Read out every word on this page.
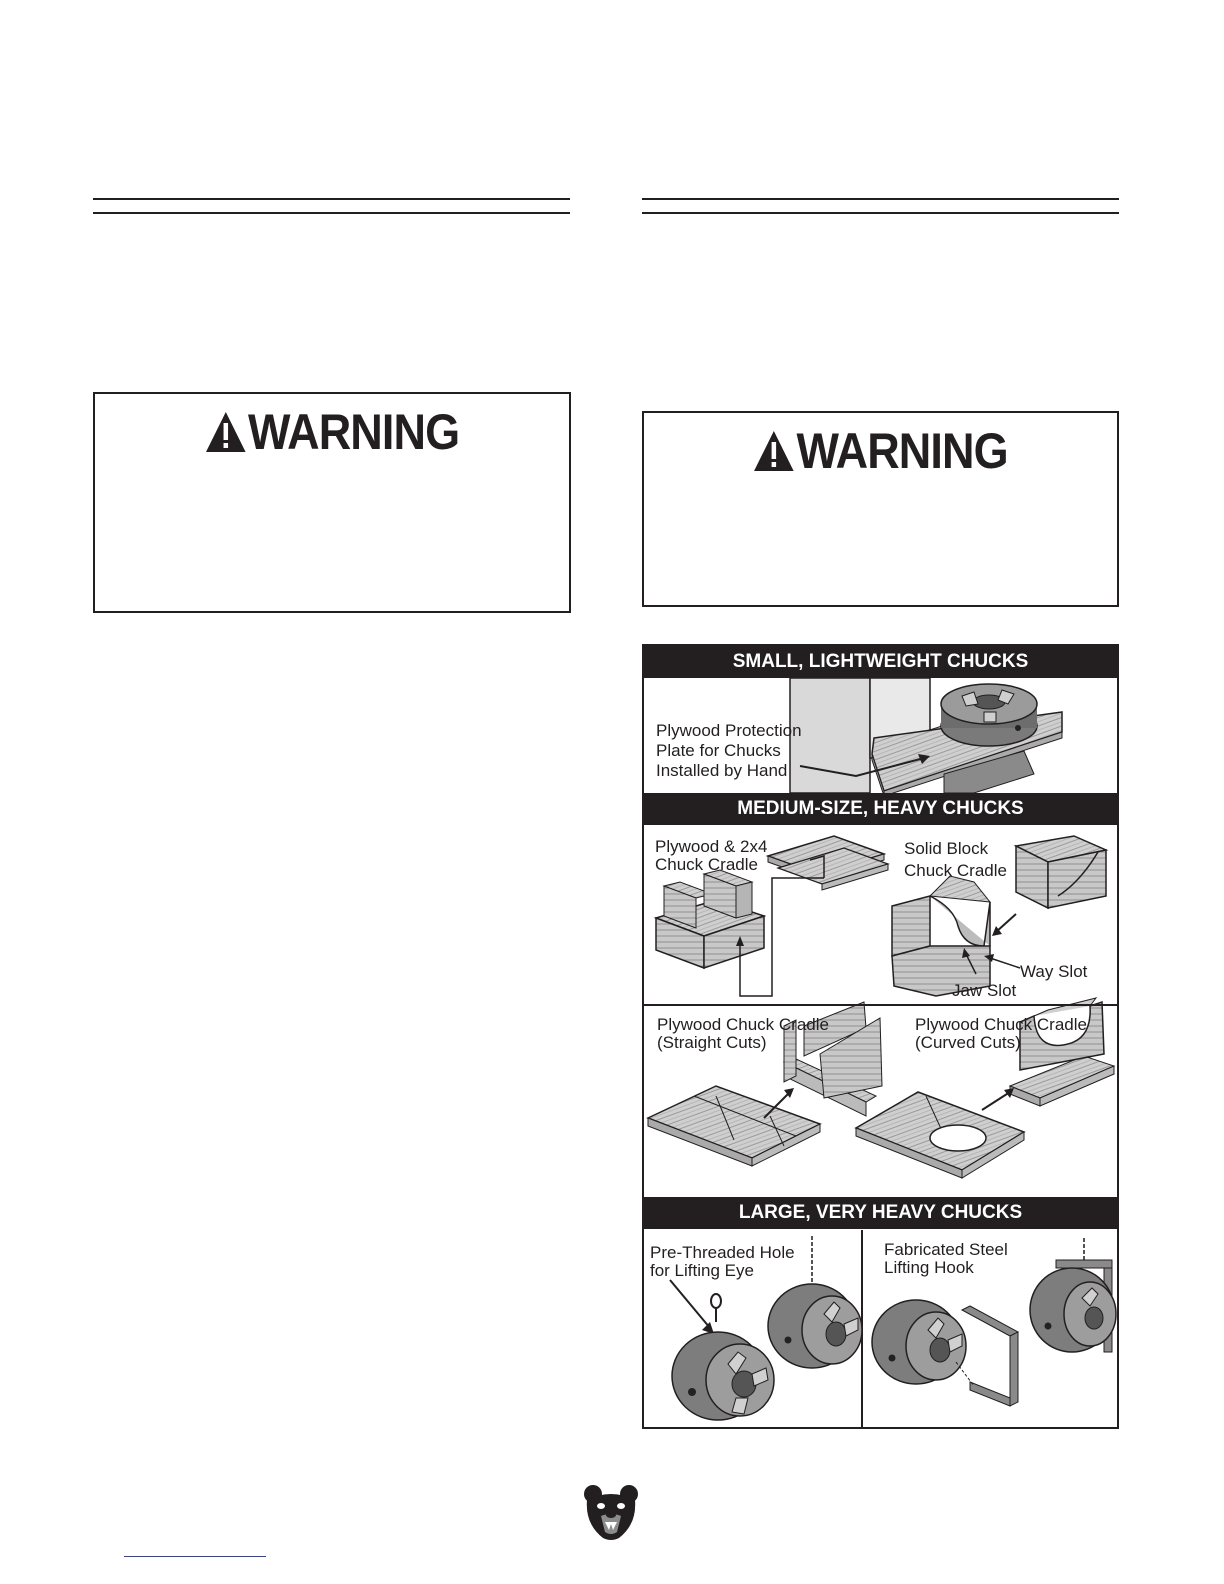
WARNING	WARNING
SMALL, LIGHTWEIGHT CHUCKS
MEDIUM-SIZE, HEAVY CHUCKS
LARGE, VERY HEAVY CHUCKS
Plywood Protection
Plate for Chucks
Installed by Hand
Plywood & 2x4
Chuck Cradle
Solid Block
Chuck Cradle
Way Slot
Jaw Slot
Plywood Chuck Cradle
(Straight Cuts)
Plywood Chuck Cradle
(Curved Cuts)
Pre-Threaded Hole
for Lifting Eye
Fabricated Steel
Lifting Hook
